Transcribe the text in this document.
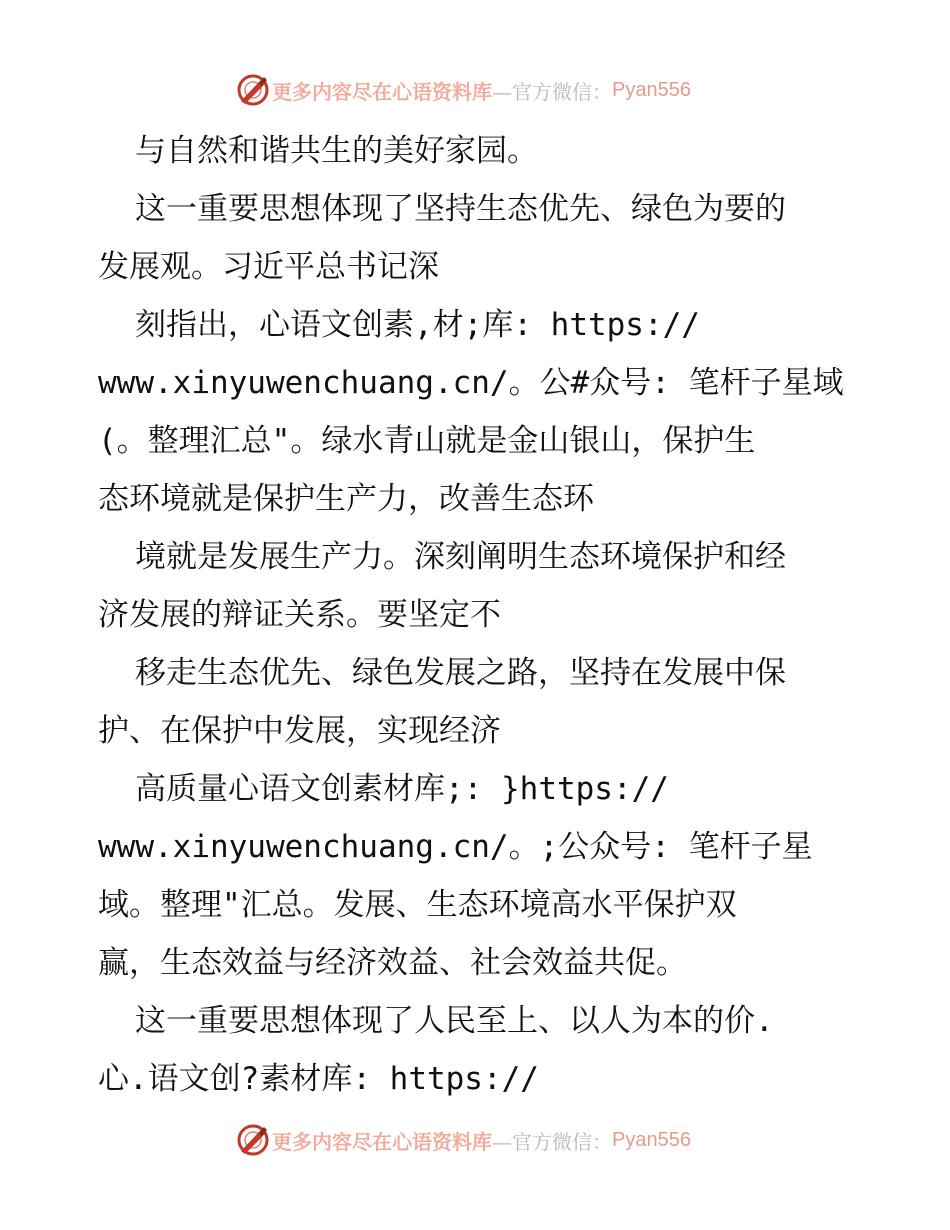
更多内容尽在心语资料库 —官方微信： Pyan556
与自然和谐共生的美好家园。
这一重要思想体现了坚持生态优先、绿色为要的
发展观。习近平总书记深
刻指出，心语文创素,材;库: https://
www.xinyuwenchuang.cn/。公#众号: 笔杆子星域
(。整理汇总"。绿水青山就是金山银山，保护生
态环境就是保护生产力，改善生态环
境就是发展生产力。深刻阐明生态环境保护和经
济发展的辩证关系。要坚定不
移走生态优先、绿色发展之路，坚持在发展中保
护、在保护中发展，实现经济
高质量心语文创素材库;: }https://
www.xinyuwenchuang.cn/。;公众号: 笔杆子星
域。整理"汇总。发展、生态环境高水平保护双
赢，生态效益与经济效益、社会效益共促。
这一重要思想体现了人民至上、以人为本的价.
心.语文创?素材库: https://
更多内容尽在心语资料库 —官方微信： Pyan556
